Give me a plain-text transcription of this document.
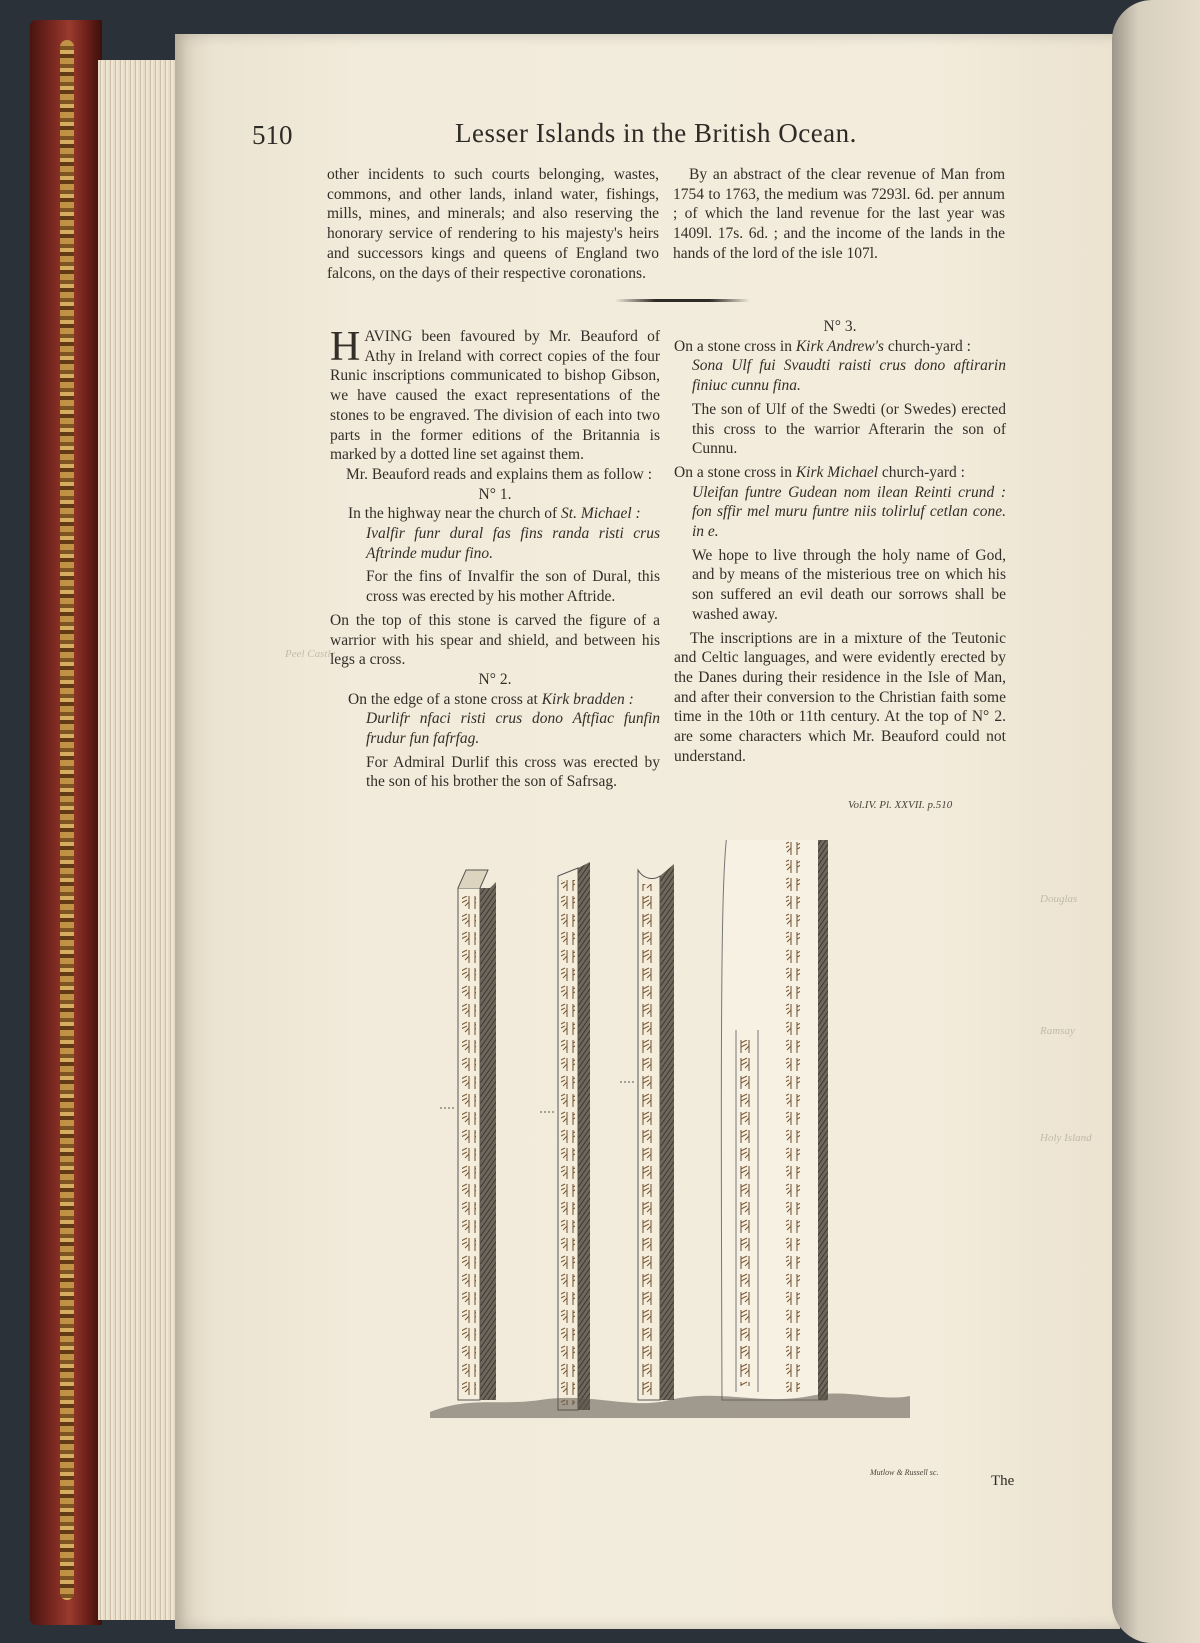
510	Lesser Islands in the British Ocean.

other incidents to such courts belonging, wastes, commons, and other lands, inland water, fishings, mills, mines, and minerals; and also reserving the honorary service of rendering to his majesty's heirs and successors kings and queens of England two falcons, on the days of their respective coronations.

By an abstract of the clear revenue of Man from 1754 to 1763, the medium was 7293l. 6d. per annum ; of which the land revenue for the last year was 1409l. 17s. 6d. ; and the income of the lands in the hands of the lord of the isle 107l.

HAVING been favoured by Mr. Beauford of Athy in Ireland with correct copies of the four Runic inscriptions communicated to bishop Gibson, we have caused the exact representations of the stones to be engraved. The division of each into two parts in the former editions of the Britannia is marked by a dotted line set against them.

Mr. Beauford reads and explains them as follow :

N° 1.

In the highway near the church of St. Michael :

Ivalfir funr dural fas fins randa risti crus Aftrinde mudur fino.

For the fins of Invalfir the son of Dural, this cross was erected by his mother Aftride.

On the top of this stone is carved the figure of a warrior with his spear and shield, and between his legs a cross.

N° 2.

On the edge of a stone cross at Kirk bradden :

Durlifr nfaci risti crus dono Aftfiac funfin frudur fun fafrfag.

For Admiral Durlif this cross was erected by the son of his brother the son of Safrsag.

N° 3.

On a stone cross in Kirk Andrew's church-yard :

Sona Ulf fui Svaudti raisti crus dono aftirarin finiuc cunnu fina.

The son of Ulf of the Swedti (or Swedes) erected this cross to the warrior Afterarin the son of Cunnu.

On a stone cross in Kirk Michael church-yard :

Uleifan funtre Gudean nom ilean Reinti crund : fon sffir mel muru funtre niis tolirluf cetlan cone. in e.

We hope to live through the holy name of God, and by means of the misterious tree on which his son suffered an evil death our sorrows shall be washed away.

The inscriptions are in a mixture of the Teutonic and Celtic languages, and were evidently erected by the Danes during their residence in the Isle of Man, and after their conversion to the Christian faith some time in the 10th or 11th century. At the top of N° 2. are some characters which Mr. Beauford could not understand.

Vol.IV. Pl. XXVII. p.510
Douglas
Ramsay
Peel Castle
Holy Island
Mutlow & Russell sc.
The
